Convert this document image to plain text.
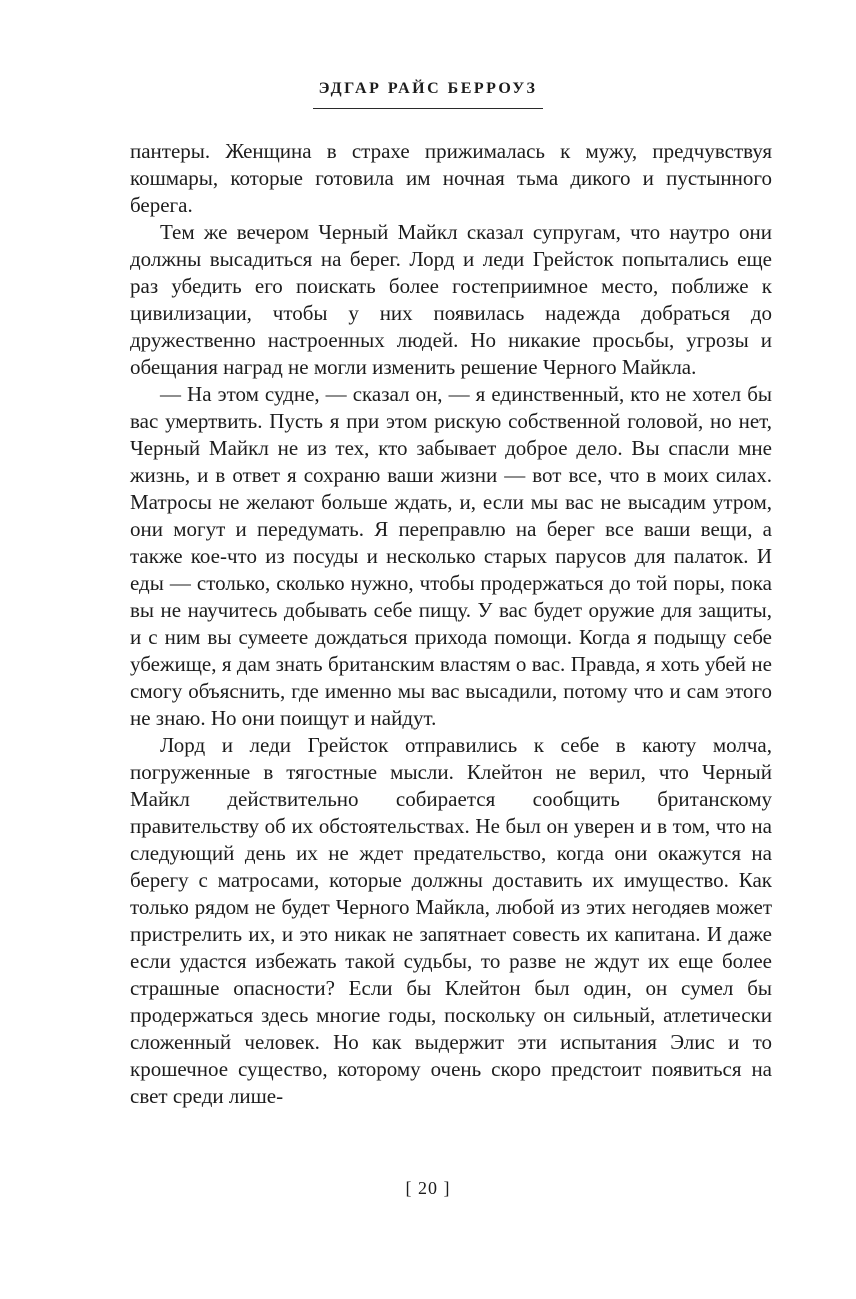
ЭДГАР РАЙС БЕРРОУЗ

пантеры. Женщина в страхе прижималась к мужу, предчувствуя кошмары, которые готовила им ночная тьма дикого и пустынного берега.

Тем же вечером Черный Майкл сказал супругам, что наутро они должны высадиться на берег. Лорд и леди Грейсток попытались еще раз убедить его поискать более гостеприимное место, поближе к цивилизации, чтобы у них появилась надежда добраться до дружественно настроенных людей. Но никакие просьбы, угрозы и обещания наград не могли изменить решение Черного Майкла.

— На этом судне, — сказал он, — я единственный, кто не хотел бы вас умертвить. Пусть я при этом рискую собственной головой, но нет, Черный Майкл не из тех, кто забывает доброе дело. Вы спасли мне жизнь, и в ответ я сохраню ваши жизни — вот все, что в моих силах. Матросы не желают больше ждать, и, если мы вас не высадим утром, они могут и передумать. Я переправлю на берег все ваши вещи, а также кое-что из посуды и несколько старых парусов для палаток. И еды — столько, сколько нужно, чтобы продержаться до той поры, пока вы не научитесь добывать себе пищу. У вас будет оружие для защиты, и с ним вы сумеете дождаться прихода помощи. Когда я подыщу себе убежище, я дам знать британским властям о вас. Правда, я хоть убей не смогу объяснить, где именно мы вас высадили, потому что и сам этого не знаю. Но они поищут и найдут.

Лорд и леди Грейсток отправились к себе в каюту молча, погруженные в тягостные мысли. Клейтон не верил, что Черный Майкл действительно собирается сообщить британскому правительству об их обстоятельствах. Не был он уверен и в том, что на следующий день их не ждет предательство, когда они окажутся на берегу с матросами, которые должны доставить их имущество. Как только рядом не будет Черного Майкла, любой из этих негодяев может пристрелить их, и это никак не запятнает совесть их капитана. И даже если удастся избежать такой судьбы, то разве не ждут их еще более страшные опасности? Если бы Клейтон был один, он сумел бы продержаться здесь многие годы, поскольку он сильный, атлетически сложенный человек. Но как выдержит эти испытания Элис и то крошечное существо, которому очень скоро предстоит появиться на свет среди лише-

[ 20 ]
